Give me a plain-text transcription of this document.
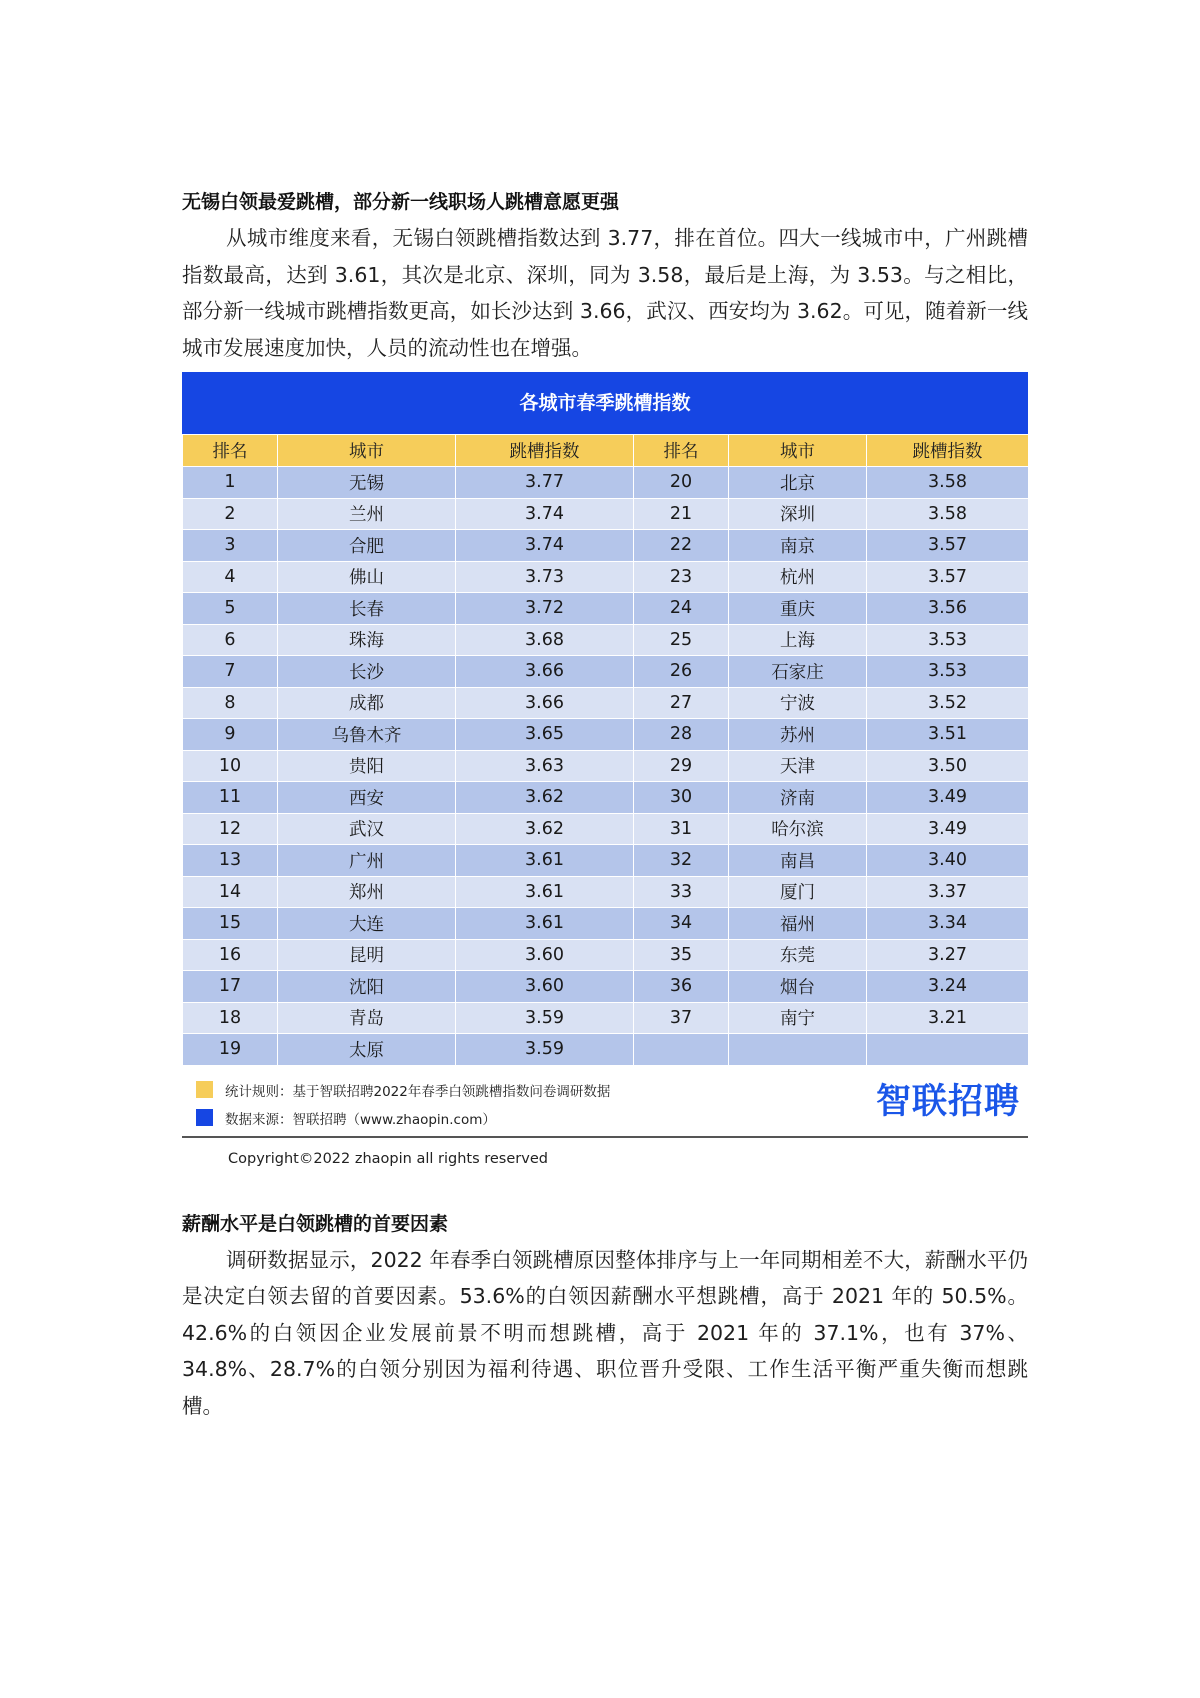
无锡白领最爱跳槽，部分新一线职场人跳槽意愿更强

从城市维度来看，无锡白领跳槽指数达到 3.77，排在首位。四大一线城市中，广州跳槽指数最高，达到 3.61，其次是北京、深圳，同为 3.58，最后是上海，为 3.53。与之相比，部分新一线城市跳槽指数更高，如长沙达到 3.66，武汉、西安均为 3.62。可见，随着新一线城市发展速度加快，人员的流动性也在增强。

各城市春季跳槽指数
排名	城市	跳槽指数	排名	城市	跳槽指数
1	无锡	3.77	20	北京	3.58
2	兰州	3.74	21	深圳	3.58
3	合肥	3.74	22	南京	3.57
4	佛山	3.73	23	杭州	3.57
5	长春	3.72	24	重庆	3.56
6	珠海	3.68	25	上海	3.53
7	长沙	3.66	26	石家庄	3.53
8	成都	3.66	27	宁波	3.52
9	乌鲁木齐	3.65	28	苏州	3.51
10	贵阳	3.63	29	天津	3.50
11	西安	3.62	30	济南	3.49
12	武汉	3.62	31	哈尔滨	3.49
13	广州	3.61	32	南昌	3.40
14	郑州	3.61	33	厦门	3.37
15	大连	3.61	34	福州	3.34
16	昆明	3.60	35	东莞	3.27
17	沈阳	3.60	36	烟台	3.24
18	青岛	3.59	37	南宁	3.21
19	太原	3.59			
统计规则：基于智联招聘2022年春季白领跳槽指数问卷调研数据
数据来源：智联招聘（www.zhaopin.com）	智联招聘
Copyright©2022 zhaopin all rights reserved
薪酬水平是白领跳槽的首要因素

调研数据显示，2022 年春季白领跳槽原因整体排序与上一年同期相差不大，薪酬水平仍是决定白领去留的首要因素。53.6%的白领因薪酬水平想跳槽，高于 2021 年的 50.5%。42.6%的白领因企业发展前景不明而想跳槽，高于 2021 年的 37.1%，也有 37%、34.8%、28.7%的白领分别因为福利待遇、职位晋升受限、工作生活平衡严重失衡而想跳槽。
